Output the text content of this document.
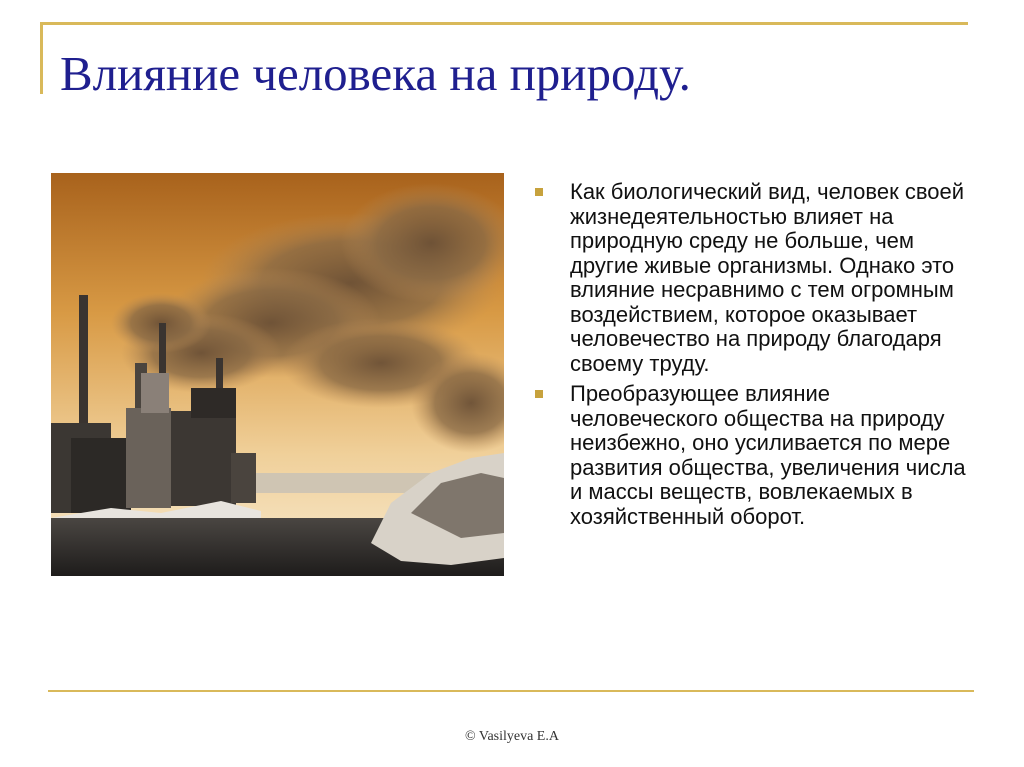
Влияние человека на природу.
Как биологический вид, человек своей жизнедеятельностью влияет на природную среду не больше, чем другие живые организмы. Однако это влияние несравнимо с тем огромным воздействием, которое оказывает человечество на природу благодаря своему труду.
Преобразующее влияние человеческого общества на природу неизбежно, оно усиливается по мере развития общества, увеличения числа и массы веществ, вовлекаемых в хозяйственный оборот.
© Vasilyeva E.A
